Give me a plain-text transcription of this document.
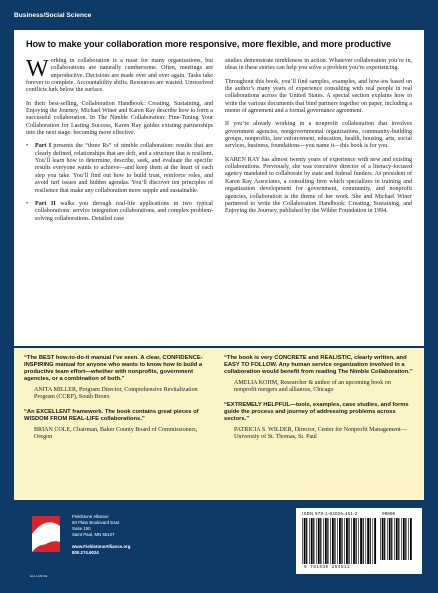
Business/Social Science
How to make your collaboration more responsive, more flexible, and more productive

Working in collaboration is a must for many organizations, but collaborations are naturally cumbersome. Often, meetings are unproductive. Decisions are made over and over again. Tasks take forever to complete. Accountability shifts. Resources are wasted. Unresolved conflicts lurk below the surface.

In their best-selling, Collaboration Handbook: Creating, Sustaining, and Enjoying the Journey, Michael Winer and Karen Ray describe how to form a successful collaboration. In The Nimble Collaboration: Fine-Tuning Your Collaboration for Lasting Success, Karen Ray guides existing partnerships into the next stage: becoming more effective.

•	Part I presents the “three Rs” of nimble collaboration: results that are clearly defined, relationships that are deft, and a structure that is resilient. You’ll learn how to determine, describe, seek, and evaluate the specific results everyone wants to achieve—and keep them at the heart of each step you take. You’ll find out how to build trust, reinforce roles, and avoid turf issues and hidden agendas. You’ll discover ten principles of resilience that make any collaboration more supple and sustainable.
•	Part II walks you through real-life applications in two typical collaborations: service integration collaborations, and complex problem-solving collaborations. Detailed case

studies demonstrate nimbleness in action. Whatever collaboration you’re in, ideas in these stories can help you solve a problem you’re experiencing.

Throughout this book, you’ll find samples, examples, and how-tos based on the author’s many years of experience consulting with real people in real collaborations across the United States. A special section explains how to write the various documents that bind partners together on paper, including a memo of agreement and a formal governance agreement.

If you’re already working in a nonprofit collaboration that involves government agencies, nongovernmental organizations, community-building groups, nonprofits, law enforcement, education, health, housing, arts, social services, business, foundations—you name it—this book is for you.

KAREN RAY has almost twenty years of experience with new and existing collaborations. Previously, she was executive director of a literacy-focused agency mandated to collaborate by state and federal funders. As president of Karen Ray Associates, a consulting firm which specializes in training and organization development for government, community, and nonprofit agencies, collaboration is the theme of her work. She and Michael Winer partnered to write the Collaboration Handbook: Creating, Sustaining, and Enjoying the Journey, published by the Wilder Foundation in 1994.

“The BEST how-to-do-it manual I’ve seen. A clear, CONFIDENCE-INSPIRING manual for anyone who wants to know how to build a productive team effort—whether with nonprofits, government agencies, or a combination of both.”
ANITA MILLER, Program Director, Comprehensive Revitalization Program (CCRP), South Bronx
“An EXCELLENT framework. The book contains great pieces of WISDOM FROM REAL-LIFE collaborations.”
BRIAN COLE, Chairman, Baker County Board of Commissioners, Oregon
“The book is very CONCRETE and REALISTIC, clearly written, and EASY TO FOLLOW. Any human service organization involved in a collaboration would benefit from reading The Nimble Collaboration.”
AMELIA KOHM, Researcher & author of an upcoming book on nonprofit mergers and alliances, Chicago
“EXTREMELY HELPFUL—tools, examples, case studies, and forms guide the process and journey of addressing problems across sectors.”
PATRICIA S. WILDER, Director, Center for Nonprofit Management—University of St. Thomas, St. Paul
ALLIANCE
Fieldstone Alliance
60 Plato Boulevard East
Suite 150
Saint Paul, MN 55107
www.FieldstoneAlliance.org
800.274.6024
ISBN 978-1-63026-451-2	90000
9 781630 264512
